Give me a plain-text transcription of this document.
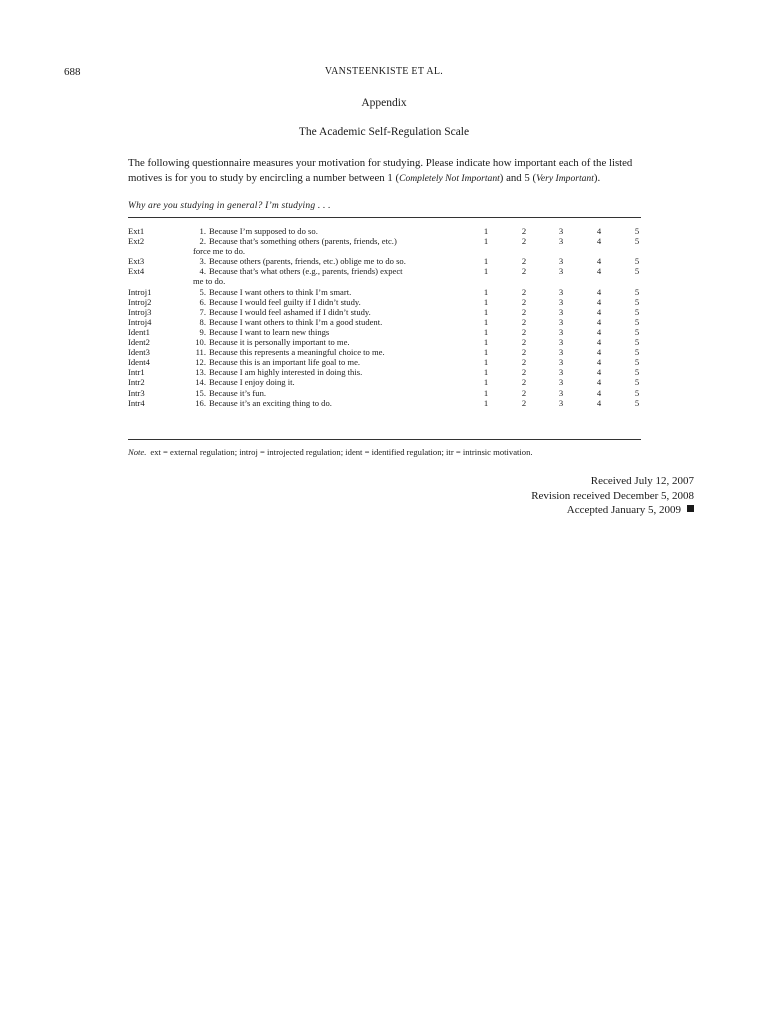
688	VANSTEENKISTE ET AL.
Appendix
The Academic Self-Regulation Scale
The following questionnaire measures your motivation for studying. Please indicate how important each of the listed motives is for you to study by encircling a number between 1 (Completely Not Important) and 5 (Very Important).
Why are you studying in general? I’m studying . . .
Ext1	1. Because I’m supposed to do so.	1	2	3	4	5
Ext2	2. Because that’s something others (parents, friends, etc.)
force me to do.
1	2	3	4	5
Ext3	3. Because others (parents, friends, etc.) oblige me to do so.	1	2	3	4	5
Ext4	4. Because that’s what others (e.g., parents, friends) expect
me to do.
1	2	3	4	5
Introj1	5. Because I want others to think I’m smart.	1	2	3	4	5
Introj2	6. Because I would feel guilty if I didn’t study.	1	2	3	4	5
Introj3	7. Because I would feel ashamed if I didn’t study.	1	2	3	4	5
Introj4	8. Because I want others to think I’m a good student.	1	2	3	4	5
Ident1	9. Because I want to learn new things	1	2	3	4	5
Ident2	10. Because it is personally important to me.	1	2	3	4	5
Ident3	11. Because this represents a meaningful choice to me.	1	2	3	4	5
Ident4	12. Because this is an important life goal to me.	1	2	3	4	5
Intr1	13. Because I am highly interested in doing this.	1	2	3	4	5
Intr2	14. Because I enjoy doing it.	1	2	3	4	5
Intr3	15. Because it’s fun.	1	2	3	4	5
Intr4	16. Because it’s an exciting thing to do.	1	2	3	4	5
Note. ext = external regulation; introj = introjected regulation; ident = identified regulation; itr = intrinsic motivation.
Received July 12, 2007
Revision received December 5, 2008
Accepted January 5, 2009
